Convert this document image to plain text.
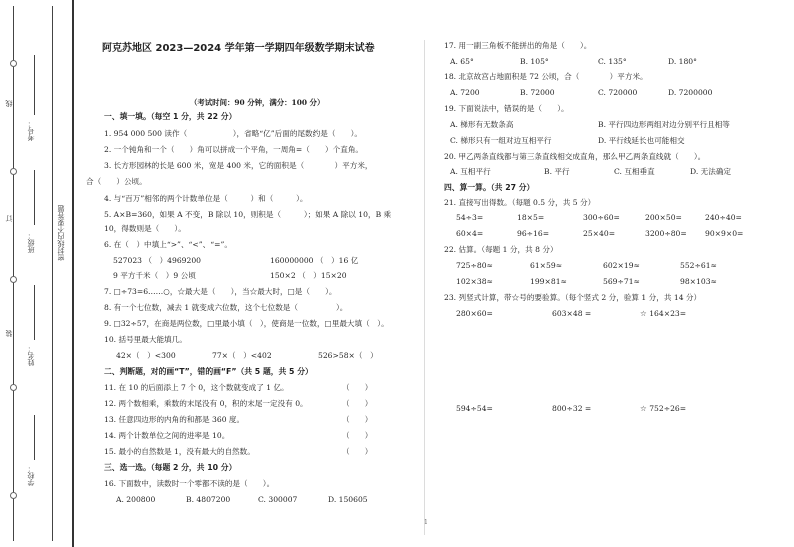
线
订
装
学校：
姓名：
班级：
考号：
密封线内不要答题
阿克苏地区 2023—2024 学年第一学期四年级数学期末试卷
（考试时间：90 分钟，满分：100 分）
一、填一填。（每空 1 分，共 22 分）
1. 954 000 500 读作（　　　　　　），省略“亿”后面的尾数约是（　　）。
2. 一个钝角和一个（　　）角可以拼成一个平角，一周角=（　　）个直角。
3. 长方形园林的长是 600 米，宽是 400 米，它的面积是（　　　　）平方米，
合（　　）公顷。
4. 与“百万”相邻的两个计数单位是（　　　）和（　　　）。
5. A×B=360，如果 A 不变，B 除以 10，则积是（　　　）；如果 A 除以 10，B 乘
10，得数则是（　　）。
6. 在（　）中填上“>”、“<”、“=”。
527023 （　）4969200	160000000 （　）16 亿
9 平方千米（　）9 公顷	150×2 （　）15×20
7. □÷73=6……○，☆最大是（　　），当☆最大时，□是（　　）。
8. 有一个七位数，减去 1 就变成六位数，这个七位数是（　　　　　）。
9. □32÷57，在商是两位数，□里最小填（　），使商是一位数，□里最大填（　）。
10. 括号里最大能填几。
42×（　）<300	77×（　）<402	526>58×（　）
二、判断题，对的画“T”，错的画“F”（共 5 题，共 5 分）
11. 在 10 的后面添上 7 个 0，这个数就变成了 1 亿。	（　　）
12. 两个数相乘，乘数的末尾没有 0，积的末尾一定没有 0。	（　　）
13. 任意四边形的内角的和都是 360 度。	（　　）
14. 两个计数单位之间的进率是 10。	（　　）
15. 最小的自然数是 1，没有最大的自然数。	（　　）
三、选一选。（每题 2 分，共 10 分）
16. 下面数中，读数时一个零都不读的是（　　）。
A. 200800	B. 4807200	C. 300007	D. 150605
17. 用一副三角板不能拼出的角是（　　）。
A. 65°	B. 105°	C. 135°	D. 180°
18. 北京故宫占地面积是 72 公顷，合（　　　　）平方米。
A. 7200	B. 72000	C. 720000	D. 7200000
19. 下面说法中，错误的是（　　）。
A. 梯形有无数条高	B. 平行四边形两组对边分别平行且相等
C. 梯形只有一组对边互相平行	D. 平行线延长也可能相交
20. 甲乙两条直线都与第三条直线相交成直角，那么甲乙两条直线就（　　）。
A. 互相平行	B. 平行	C. 互相垂直	D. 无法确定
四、算一算。（共 27 分）
21. 直接写出得数。（每题 0.5 分，共 5 分）
54÷3=	18×5=	300÷60=	200×50=	240÷40=
60×4=	96÷16=	25×40=	3200÷80= 90×9×0=
22. 估算。（每题 1 分，共 8 分）
725÷80≈	61×59≈	602×19≈	552÷61≈
102×38≈	199×81≈	569÷71≈	98×103≈
23. 列竖式计算，带☆号的要验算。（每个竖式 2 分，验算 1 分，共 14 分）
280×60=	603×48 =	☆ 164×23=
594÷54=	800÷32 =	☆ 752÷26=
1
